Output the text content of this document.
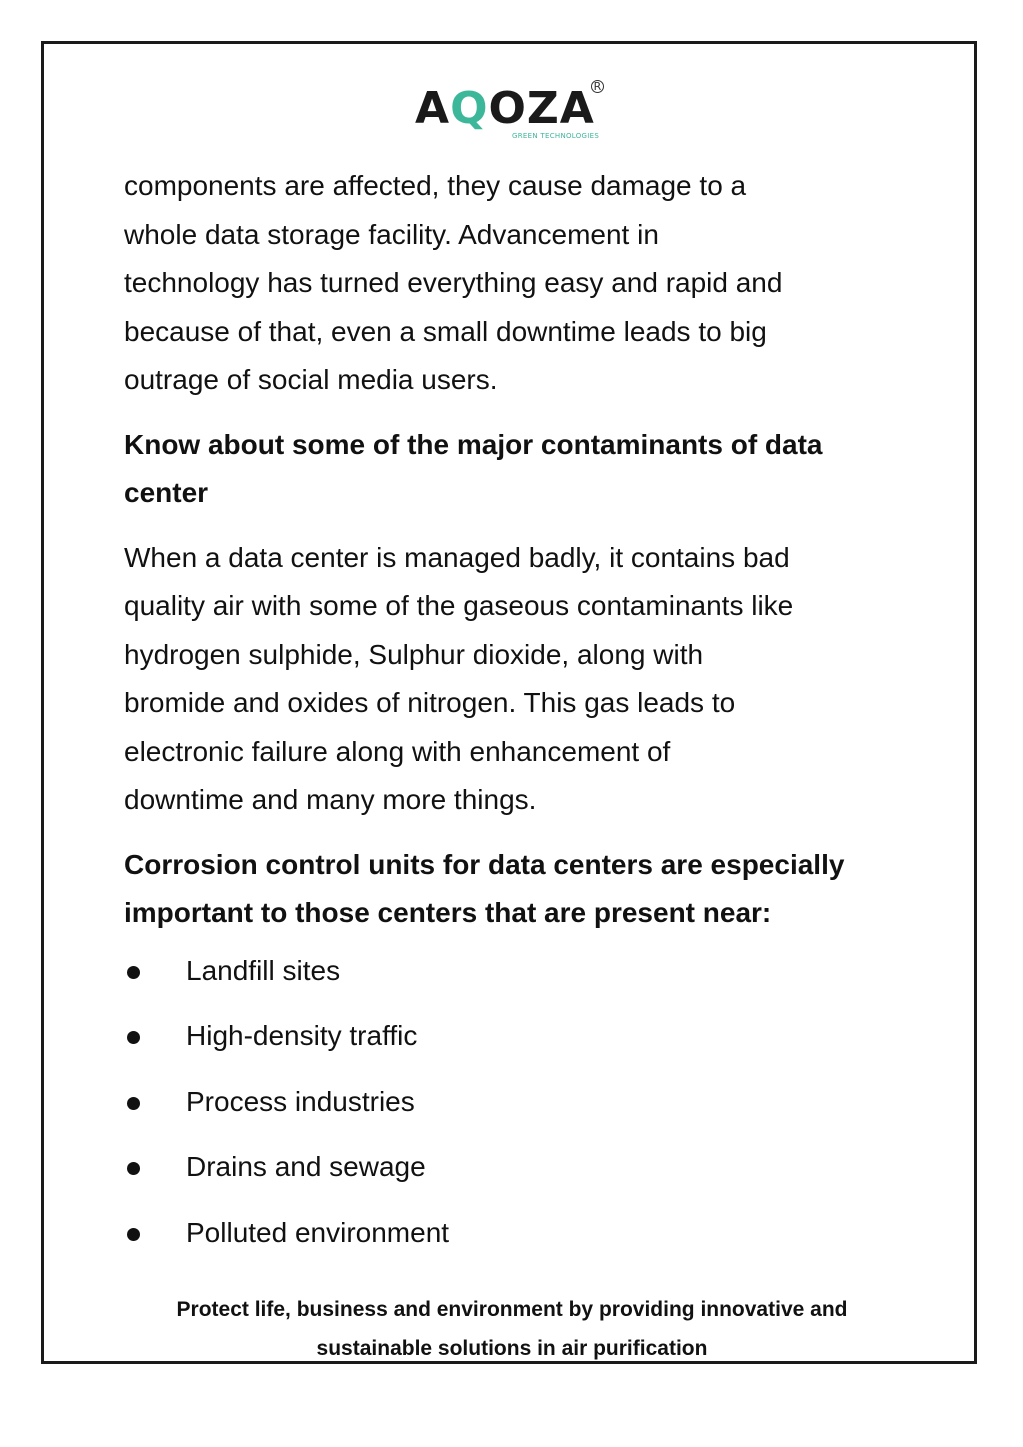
AQOZA
R
GREEN TECHNOLOGIES

components are affected, they cause damage to a
whole data storage facility. Advancement in
technology has turned everything easy and rapid and
because of that, even a small downtime leads to big
outrage of social media users.

Know about some of the major contaminants of data
center

When a data center is managed badly, it contains bad
quality air with some of the gaseous contaminants like
hydrogen sulphide, Sulphur dioxide, along with
bromide and oxides of nitrogen. This gas leads to
electronic failure along with enhancement of
downtime and many more things.

Corrosion control units for data centers are especially
important to those centers that are present near:

Landfill sites
High-density traffic
Process industries
Drains and sewage
Polluted environment
Protect life, business and environment by providing innovative and
sustainable solutions in air purification
